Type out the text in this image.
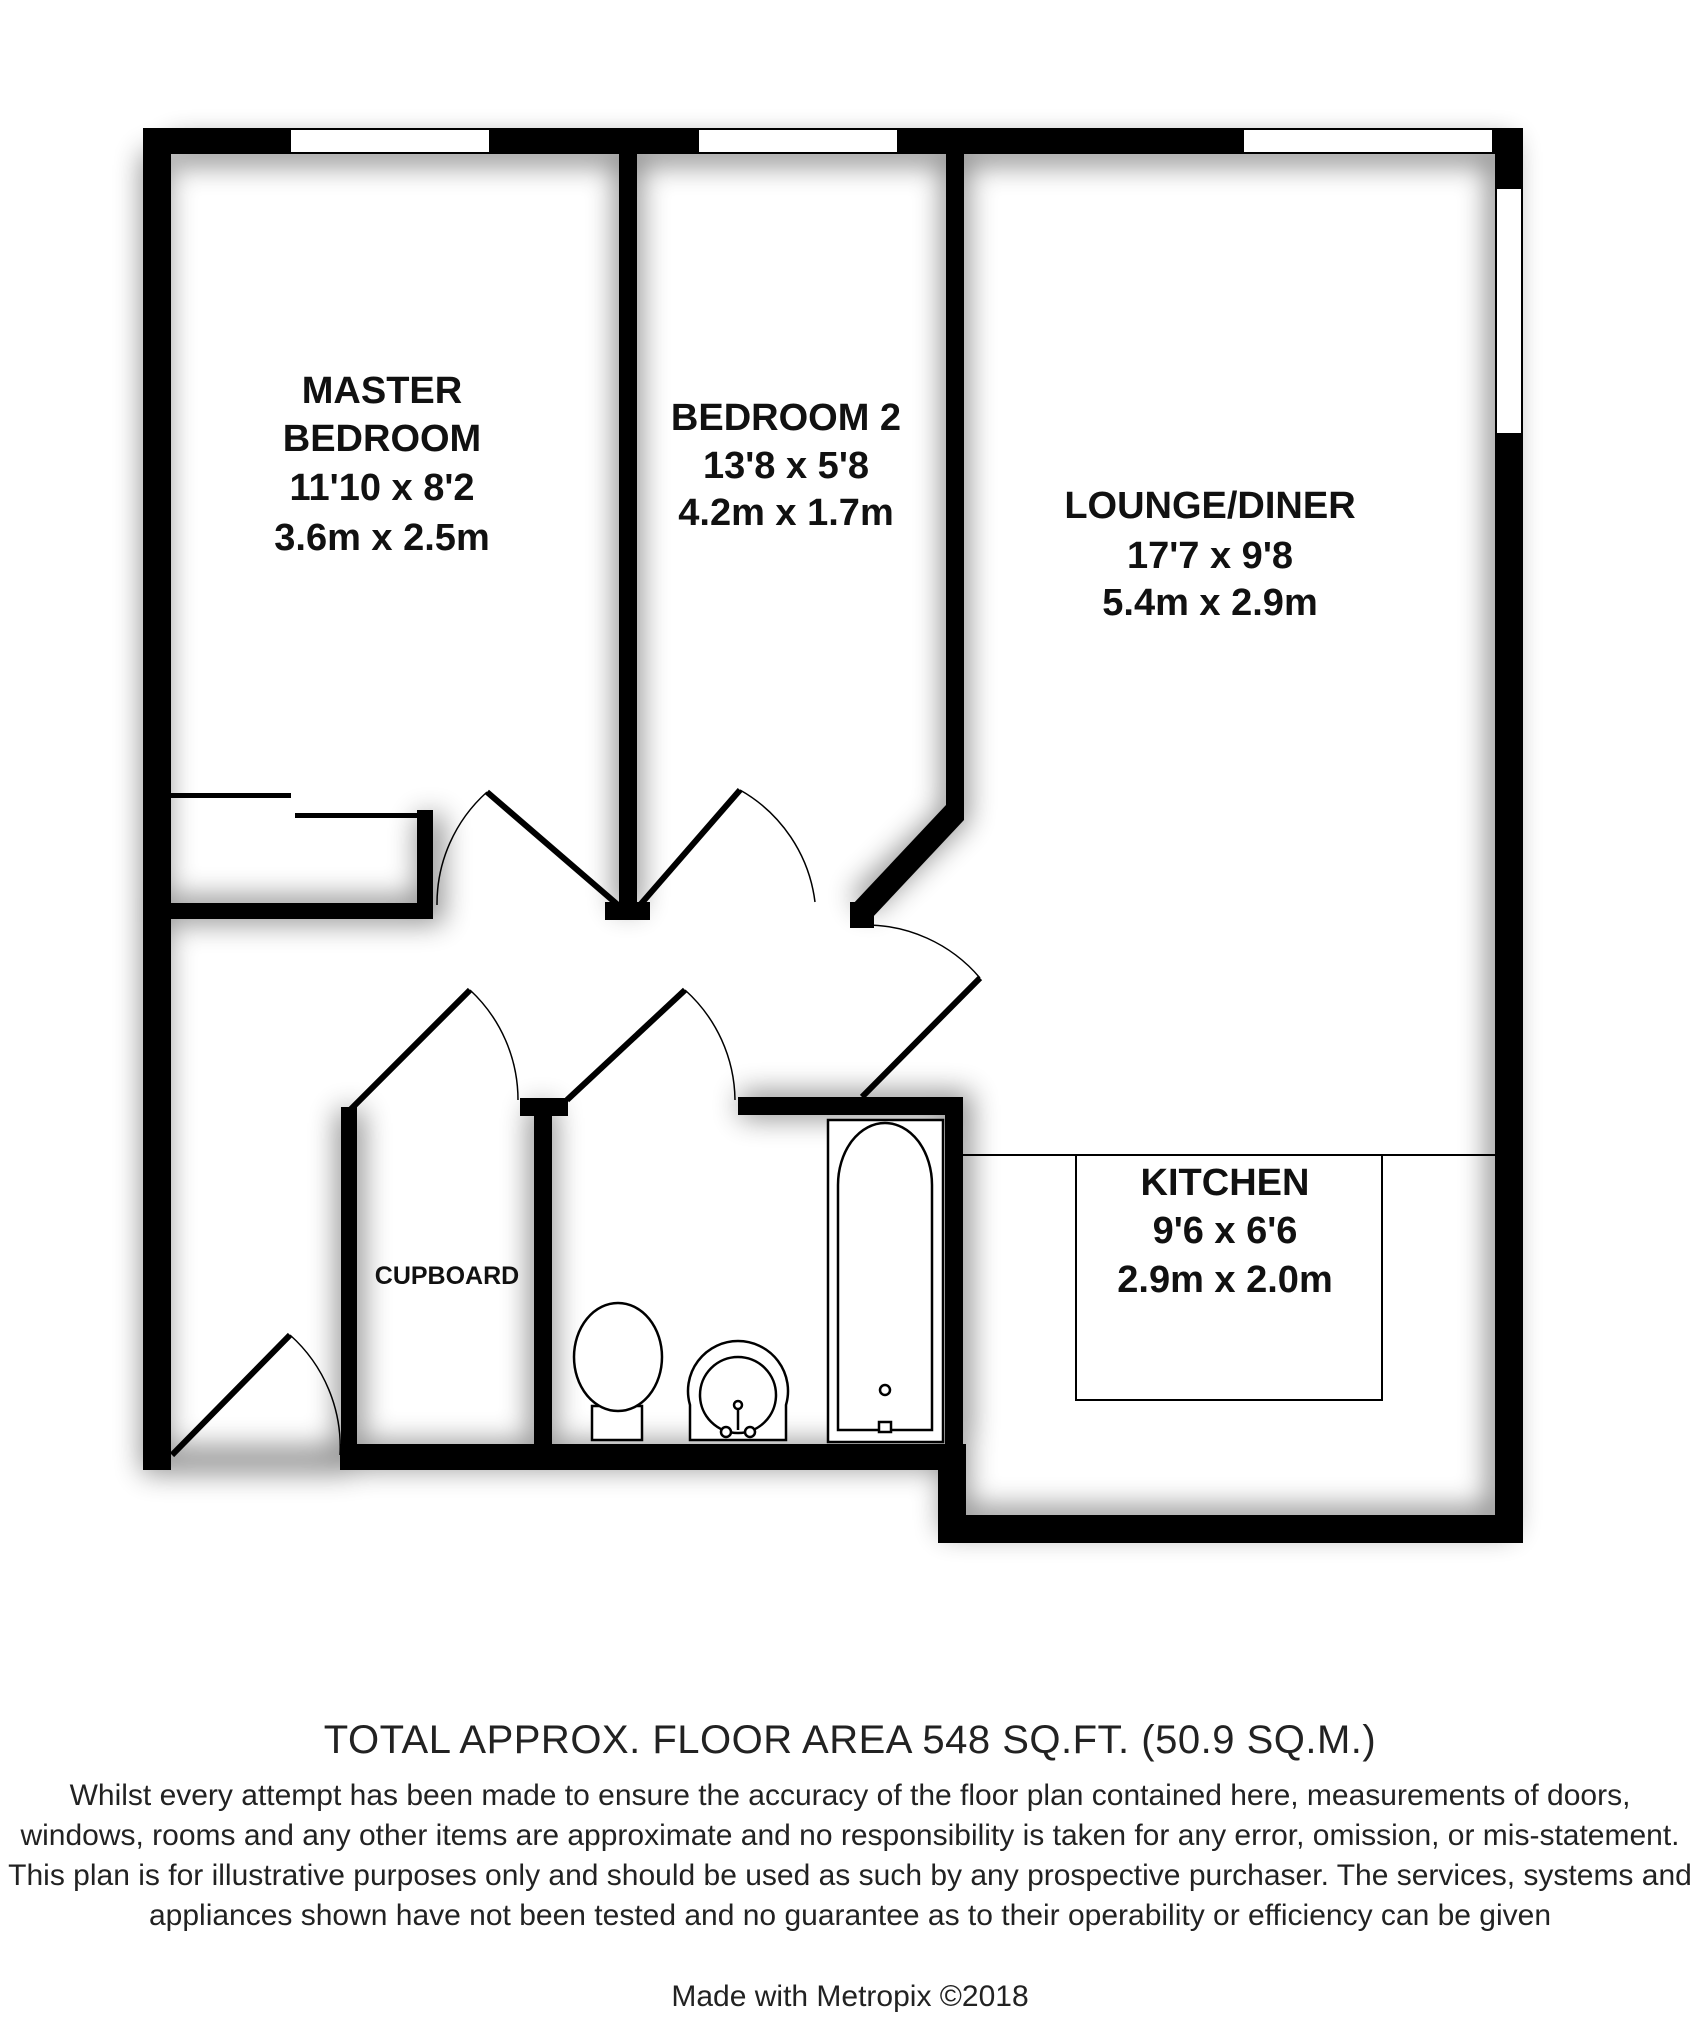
MASTER
BEDROOM
11'10 x 8'2
3.6m x 2.5m
BEDROOM 2
13'8 x 5'8
4.2m x 1.7m	LOUNGE/DINER
17'7 x 9'8
5.4m x 2.9m
KITCHEN
9'6 x 6'6
2.9m x 2.0m
CUPBOARD
TOTAL APPROX. FLOOR AREA 548 SQ.FT. (50.9 SQ.M.)
Whilst every attempt has been made to ensure the accuracy of the floor plan contained here, measurements of doors, windows, rooms and any other items are approximate and no responsibility is taken for any error, omission, or mis-statement. This plan is for illustrative purposes only and should be used as such by any prospective purchaser. The services, systems and appliances shown have not been tested and no guarantee as to their operability or efficiency can be given
Made with Metropix ©2018
